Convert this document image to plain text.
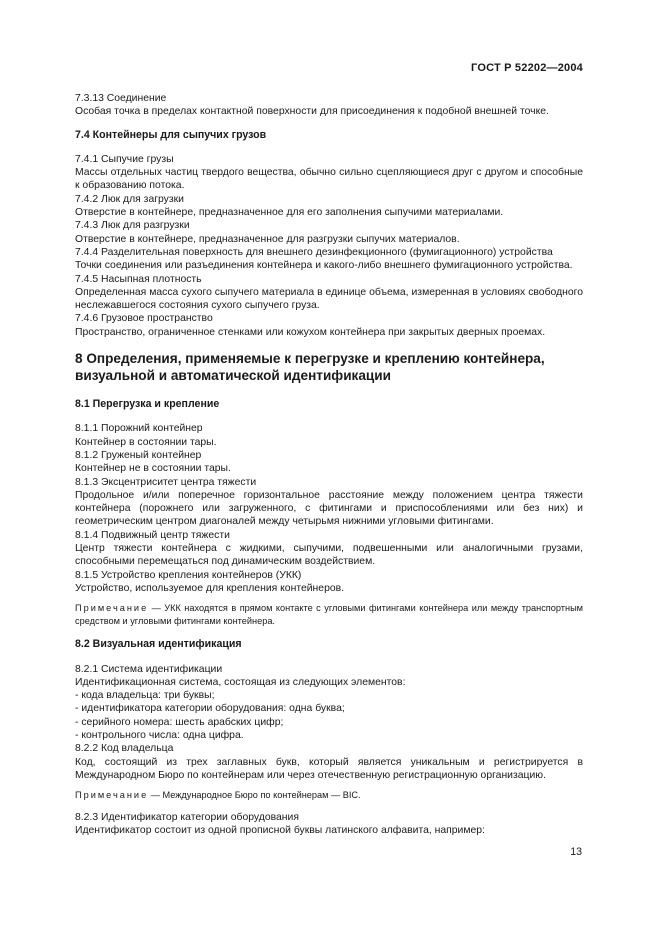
ГОСТ Р 52202—2004
7.3.13 Соединение
Особая точка в пределах контактной поверхности для присоединения к подобной внешней точке.
7.4 Контейнеры для сыпучих грузов
7.4.1 Сыпучие грузы
Массы отдельных частиц твердого вещества, обычно сильно сцепляющиеся друг с другом и способные к образованию потока.
7.4.2 Люк для загрузки
Отверстие в контейнере, предназначенное для его заполнения сыпучими материалами.
7.4.3 Люк для разгрузки
Отверстие в контейнере, предназначенное для разгрузки сыпучих материалов.
7.4.4 Разделительная поверхность для внешнего дезинфекционного (фумигационного) устройства
Точки соединения или разъединения контейнера и какого-либо внешнего фумигационного устройства.
7.4.5 Насыпная плотность
Определенная масса сухого сыпучего материала в единице объема, измеренная в условиях свободного неслежавшегося состояния сухого сыпучего груза.
7.4.6 Грузовое пространство
Пространство, ограниченное стенками или кожухом контейнера при закрытых дверных проемах.
8 Определения, применяемые к перегрузке и креплению контейнера, визуальной и автоматической идентификации
8.1 Перегрузка и крепление
8.1.1 Порожний контейнер
Контейнер в состоянии тары.
8.1.2 Груженый контейнер
Контейнер не в состоянии тары.
8.1.3 Эксцентриситет центра тяжести
Продольное и/или поперечное горизонтальное расстояние между положением центра тяжести контейнера (порожнего или загруженного, с фитингами и приспособлениями или без них) и геометрическим центром диагоналей между четырьмя нижними угловыми фитингами.
8.1.4 Подвижный центр тяжести
Центр тяжести контейнера с жидкими, сыпучими, подвешенными или аналогичными грузами, способными перемещаться под динамическим воздействием.
8.1.5 Устройство крепления контейнеров (УКК)
Устройство, используемое для крепления контейнеров.
Примечание — УКК находятся в прямом контакте с угловыми фитингами контейнера или между транспортным средством и угловыми фитингами контейнера.
8.2 Визуальная идентификация
8.2.1 Система идентификации
Идентификационная система, состоящая из следующих элементов:
- кода владельца: три буквы;
- идентификатора категории оборудования: одна буква;
- серийного номера: шесть арабских цифр;
- контрольного числа: одна цифра.
8.2.2 Код владельца
Код, состоящий из трех заглавных букв, который является уникальным и регистрируется в Международном Бюро по контейнерам или через отечественную регистрационную организацию.
Примечание — Международное Бюро по контейнерам — BIC.
8.2.3 Идентификатор категории оборудования
Идентификатор состоит из одной прописной буквы латинского алфавита, например:
13
